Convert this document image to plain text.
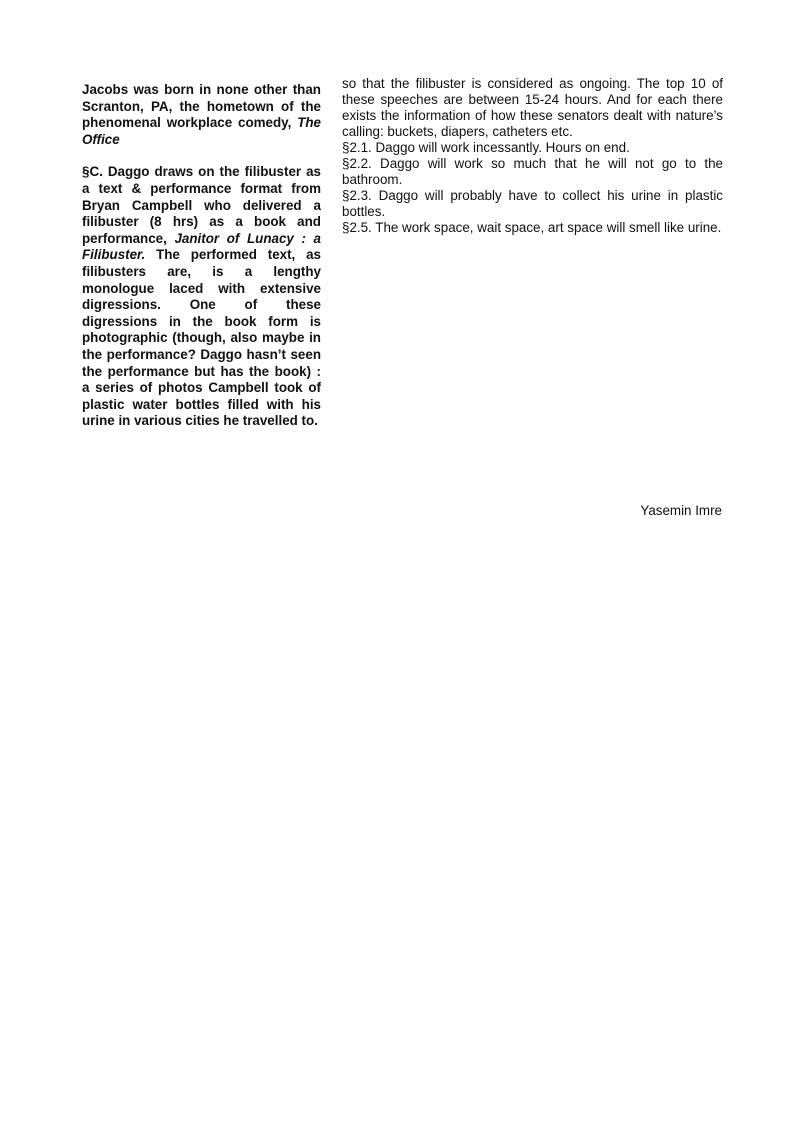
Jacobs was born in none other than Scranton, PA, the hometown of the phenomenal workplace comedy, The Office

§C. Daggo draws on the filibuster as a text & performance format from Bryan Campbell who delivered a filibuster (8 hrs) as a book and performance, Janitor of Lunacy : a Filibuster. The performed text, as filibusters are, is a lengthy monologue laced with extensive digressions. One of these digressions in the book form is photographic (though, also maybe in the performance? Daggo hasn’t seen the performance but has the book) : a series of photos Campbell took of plastic water bottles filled with his urine in various cities he travelled to.

so that the filibuster is considered as ongoing. The top 10 of these speeches are between 15-24 hours. And for each there exists the information of how these senators dealt with nature’s calling: buckets, diapers, catheters etc.

§2.1. Daggo will work incessantly. Hours on end.

§2.2. Daggo will work so much that he will not go to the bathroom.

§2.3. Daggo will probably have to collect his urine in plastic bottles.

§2.5. The work space, wait space, art space will smell like urine.

Yasemin Imre
